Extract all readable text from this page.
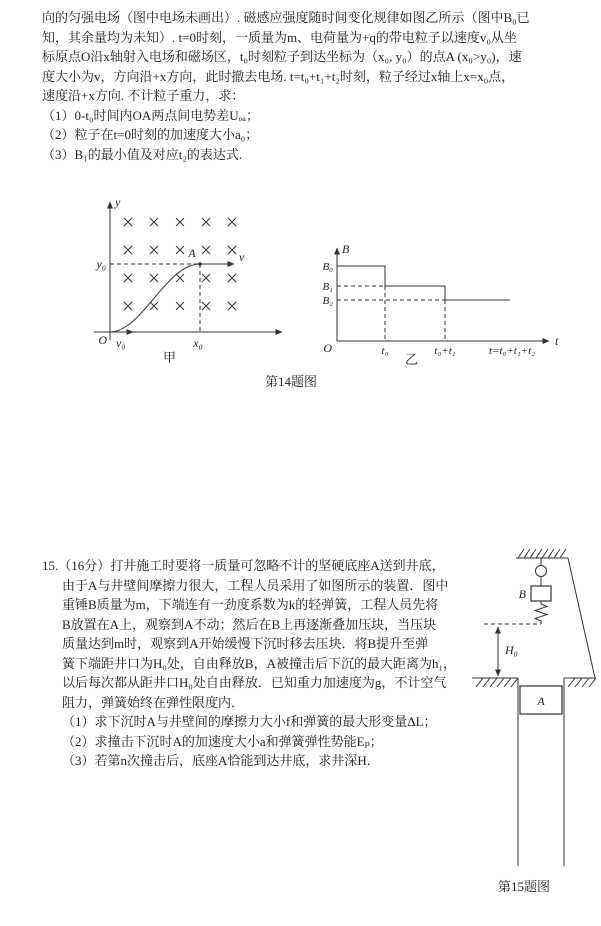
向的匀强电场（图中电场未画出）. 磁感应强度随时间变化规律如图乙所示（图中B₀已
知，其余量均为未知）. t=0时刻，一质量为m、电荷量为+q的带电粒子以速度v₀从坐
标原点O沿x轴射入电场和磁场区，t₀时刻粒子到达坐标为（x₀, y₀）的点A (x₀>y₀)，速
度大小为v，方向沿+x方向，此时撤去电场. t=t₀+t₁+t₂时刻，粒子经过x轴上x=x₀点，
速度沿+x方向. 不计粒子重力，求：
（1）0-t₀时间内OA两点间电势差Uₒₐ；
（2）粒子在t=0时刻的加速度大小a₀；
（3）B₁的最小值及对应t₂的表达式.
y
O
y₀
A	v
v₀	x₀
甲
B
t
B₀
B₁
B₂
O	t₀	t₀+t₁	t=t₀+t₁+t₂
乙
第14题图
15.（16分）打井施工时要将一质量可忽略不计的坚硬底座A送到井底，
由于A与井壁间摩擦力很大，工程人员采用了如图所示的装置．图中
重锤B质量为m，下端连有一劲度系数为k的轻弹簧，工程人员先将
B放置在A上，观察到A不动；然后在B上再逐渐叠加压块，当压块
质量达到m时，观察到A开始缓慢下沉时移去压块．将B提升至弹
簧下端距井口为H₀处，自由释放B，A被撞击后下沉的最大距离为h₁，
以后每次都从距井口H₀处自由释放．已知重力加速度为g，不计空气
阻力，弹簧始终在弹性限度内．
（1）求下沉时A与井壁间的摩擦力大小f和弹簧的最大形变量ΔL；
（2）求撞击下沉时A的加速度大小a和弹簧弹性势能Eₚ；
（3）若第n次撞击后，底座A恰能到达井底，求井深H．
B
H₀
A
第15题图
